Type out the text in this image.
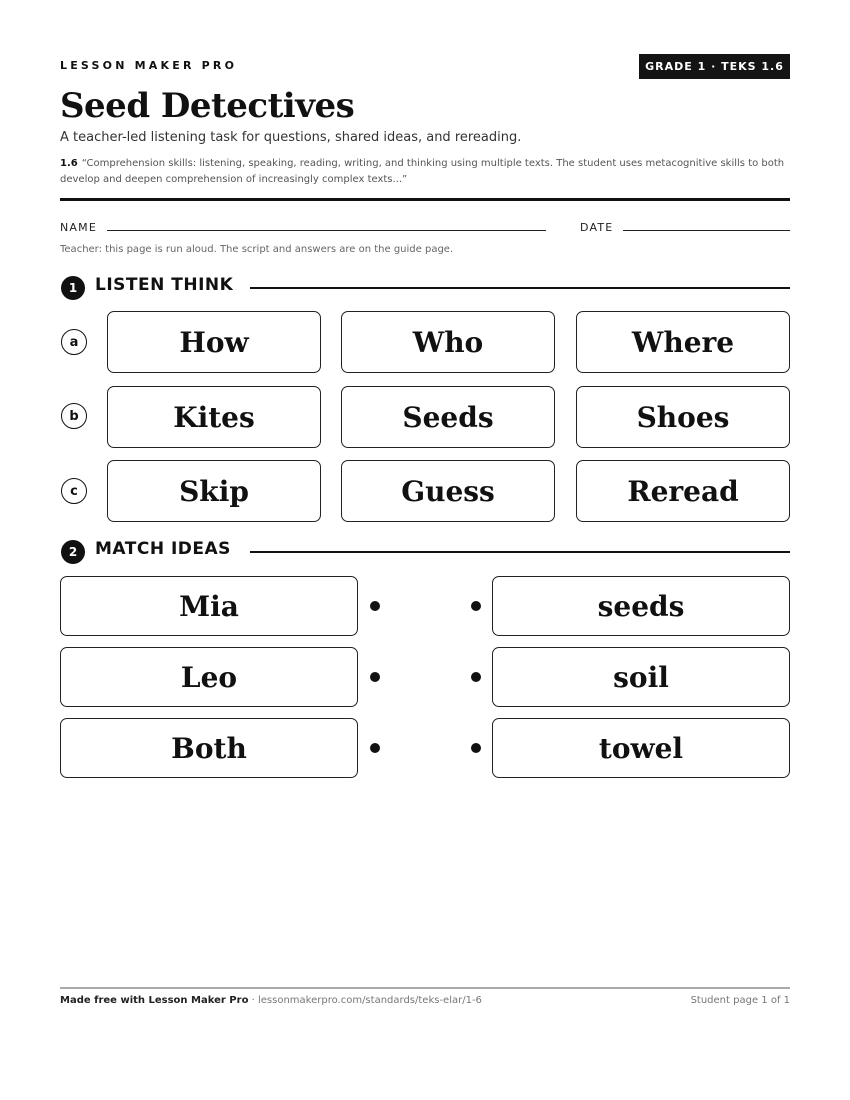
LESSON MAKER PRO	GRADE 1 · TEKS 1.6
Seed Detectives
A teacher-led listening task for questions, shared ideas, and rereading.
1.6 “Comprehension skills: listening, speaking, reading, writing, and thinking using multiple texts. The student uses metacognitive skills to both develop and deepen comprehension of increasingly complex texts...”
NAME	DATE
Teacher: this page is run aloud. The script and answers are on the guide page.
1	LISTEN THINK
a	How	Who	Where
b	Kites	Seeds	Shoes
c	Skip	Guess	Reread
2	MATCH IDEAS
Mia	seeds
Leo	soil
Both	towel
Made free with Lesson Maker Pro · lessonmakerpro.com/standards/teks-elar/1-6	Student page 1 of 1
